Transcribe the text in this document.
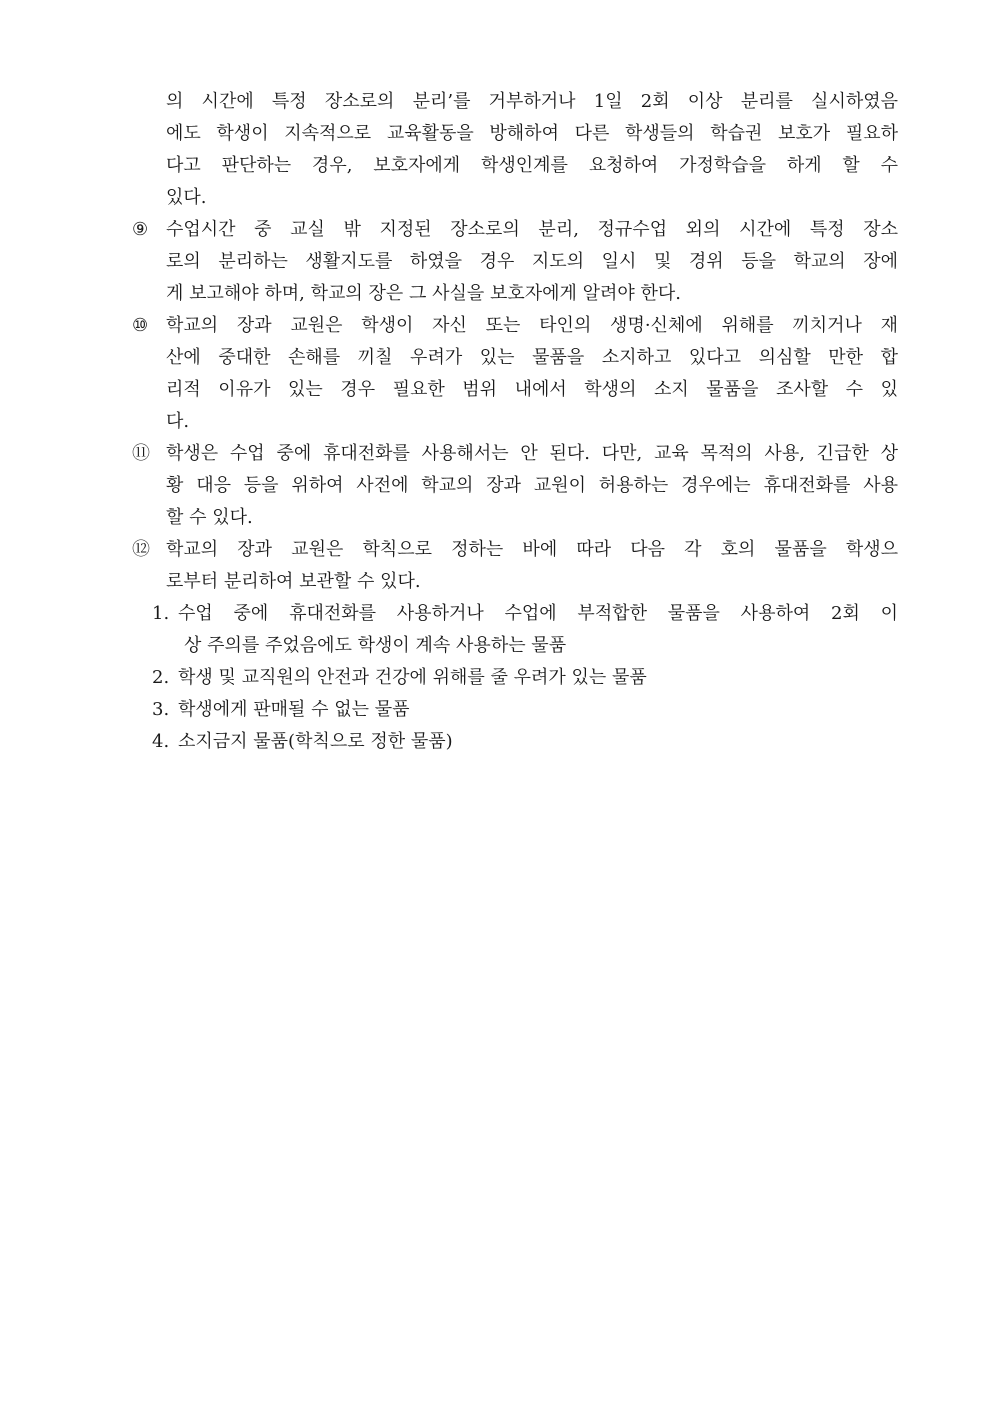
의 시간에 특정 장소로의 분리’를 거부하거나 1일 2회 이상 분리를 실시하였음
에도 학생이 지속적으로 교육활동을 방해하여 다른 학생들의 학습권 보호가 필요하
다고 판단하는 경우, 보호자에게 학생인계를 요청하여 가정학습을 하게 할 수
있다.
⑨ 수업시간 중 교실 밖 지정된 장소로의 분리, 정규수업 외의 시간에 특정 장소
로의 분리하는 생활지도를 하였을 경우 지도의 일시 및 경위 등을 학교의 장에
게 보고해야 하며, 학교의 장은 그 사실을 보호자에게 알려야 한다.
⑩ 학교의 장과 교원은 학생이 자신 또는 타인의 생명·신체에 위해를 끼치거나 재
산에 중대한 손해를 끼칠 우려가 있는 물품을 소지하고 있다고 의심할 만한 합
리적 이유가 있는 경우 필요한 범위 내에서 학생의 소지 물품을 조사할 수 있
다.
⑪ 학생은 수업 중에 휴대전화를 사용해서는 안 된다. 다만, 교육 목적의 사용, 긴급한 상
황 대응 등을 위하여 사전에 학교의 장과 교원이 허용하는 경우에는 휴대전화를 사용
할 수 있다.
⑫ 학교의 장과 교원은 학칙으로 정하는 바에 따라 다음 각 호의 물품을 학생으
로부터 분리하여 보관할 수 있다.
1. 수업 중에 휴대전화를 사용하거나 수업에 부적합한 물품을 사용하여 2회 이
상 주의를 주었음에도 학생이 계속 사용하는 물품
2. 학생 및 교직원의 안전과 건강에 위해를 줄 우려가 있는 물품
3. 학생에게 판매될 수 없는 물품
4. 소지금지 물품(학칙으로 정한 물품)
